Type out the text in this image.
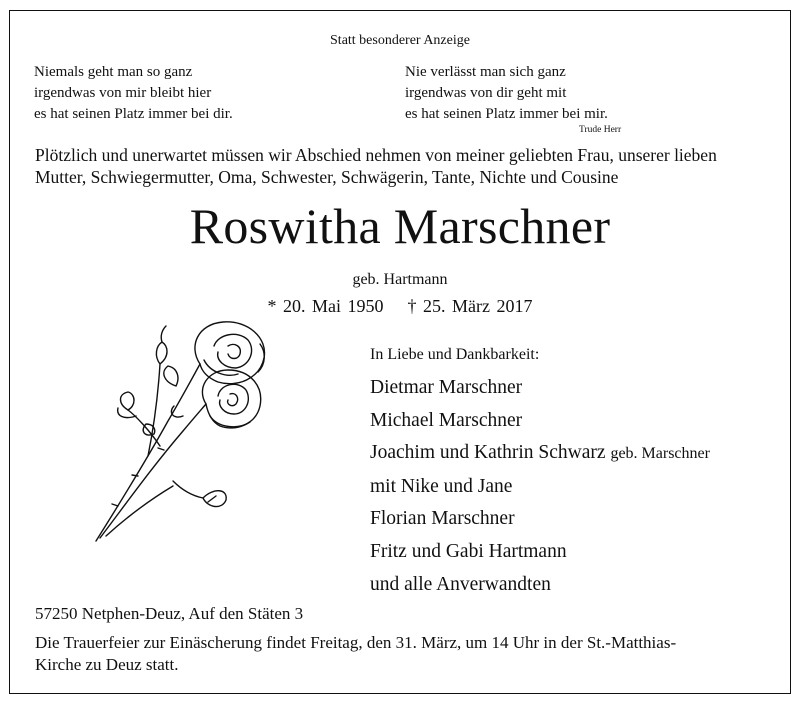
Statt besonderer Anzeige
Niemals geht man so ganz
irgendwas von mir bleibt hier
es hat seinen Platz immer bei dir.
Nie verlässt man sich ganz
irgendwas von dir geht mit
es hat seinen Platz immer bei mir.
Trude Herr
Plötzlich und unerwartet müssen wir Abschied nehmen von meiner geliebten Frau, unserer lieben
Mutter, Schwiegermutter, Oma, Schwester, Schwägerin, Tante, Nichte und Cousine
Roswitha Marschner
geb. Hartmann
* 20. Mai 1950 † 25. März 2017
In Liebe und Dankbarkeit:
Dietmar Marschner
Michael Marschner
Joachim und Kathrin Schwarz geb. Marschner
mit Nike und Jane
Florian Marschner
Fritz und Gabi Hartmann
und alle Anverwandten
57250 Netphen-Deuz, Auf den Stäten 3
Die Trauerfeier zur Einäscherung findet Freitag, den 31. März, um 14 Uhr in der St.-Matthias-
Kirche zu Deuz statt.
